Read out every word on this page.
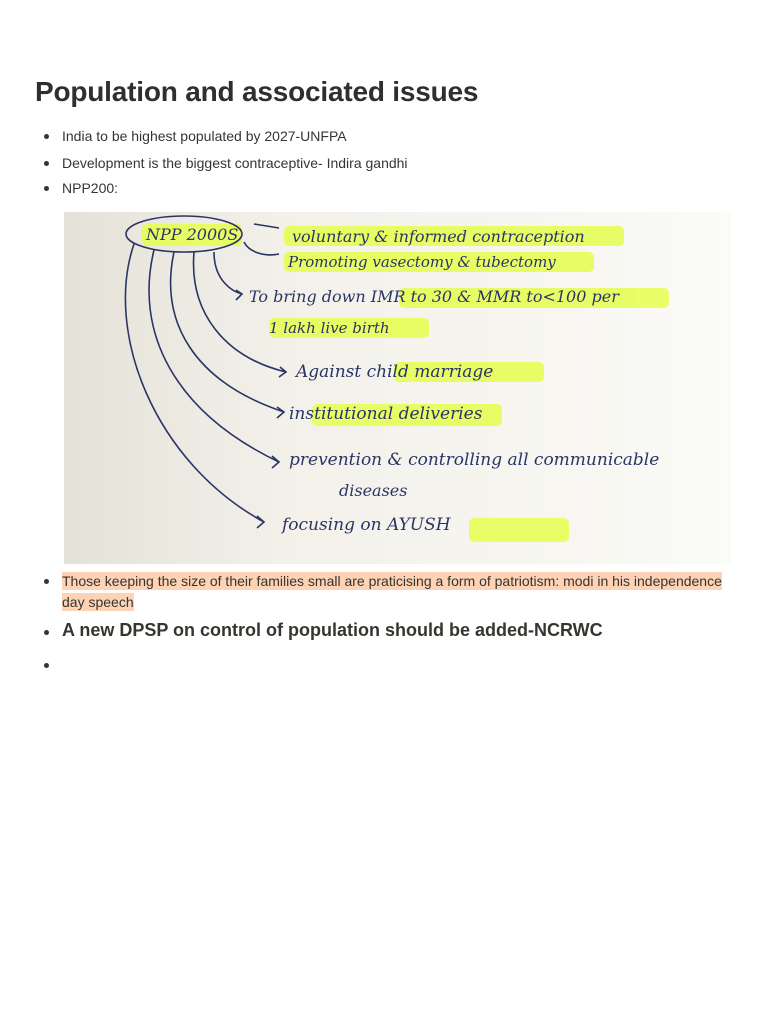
Population and associated issues
India to be highest populated by 2027-UNFPA
Development is the biggest contraceptive- Indira gandhi
NPP200:
Those keeping the size of their families small are praticising a form of patriotism: modi in his independence day speech
A new DPSP on control of population should be added-NCRWC
NPP 2000S	voluntary & informed contraception
Promoting vasectomy & tubectomy
To bring down IMR to 30 & MMR to<100 per
1 lakh live birth
Against child marriage
institutional deliveries
prevention & controlling all communicable
diseases
focusing on AYUSH
